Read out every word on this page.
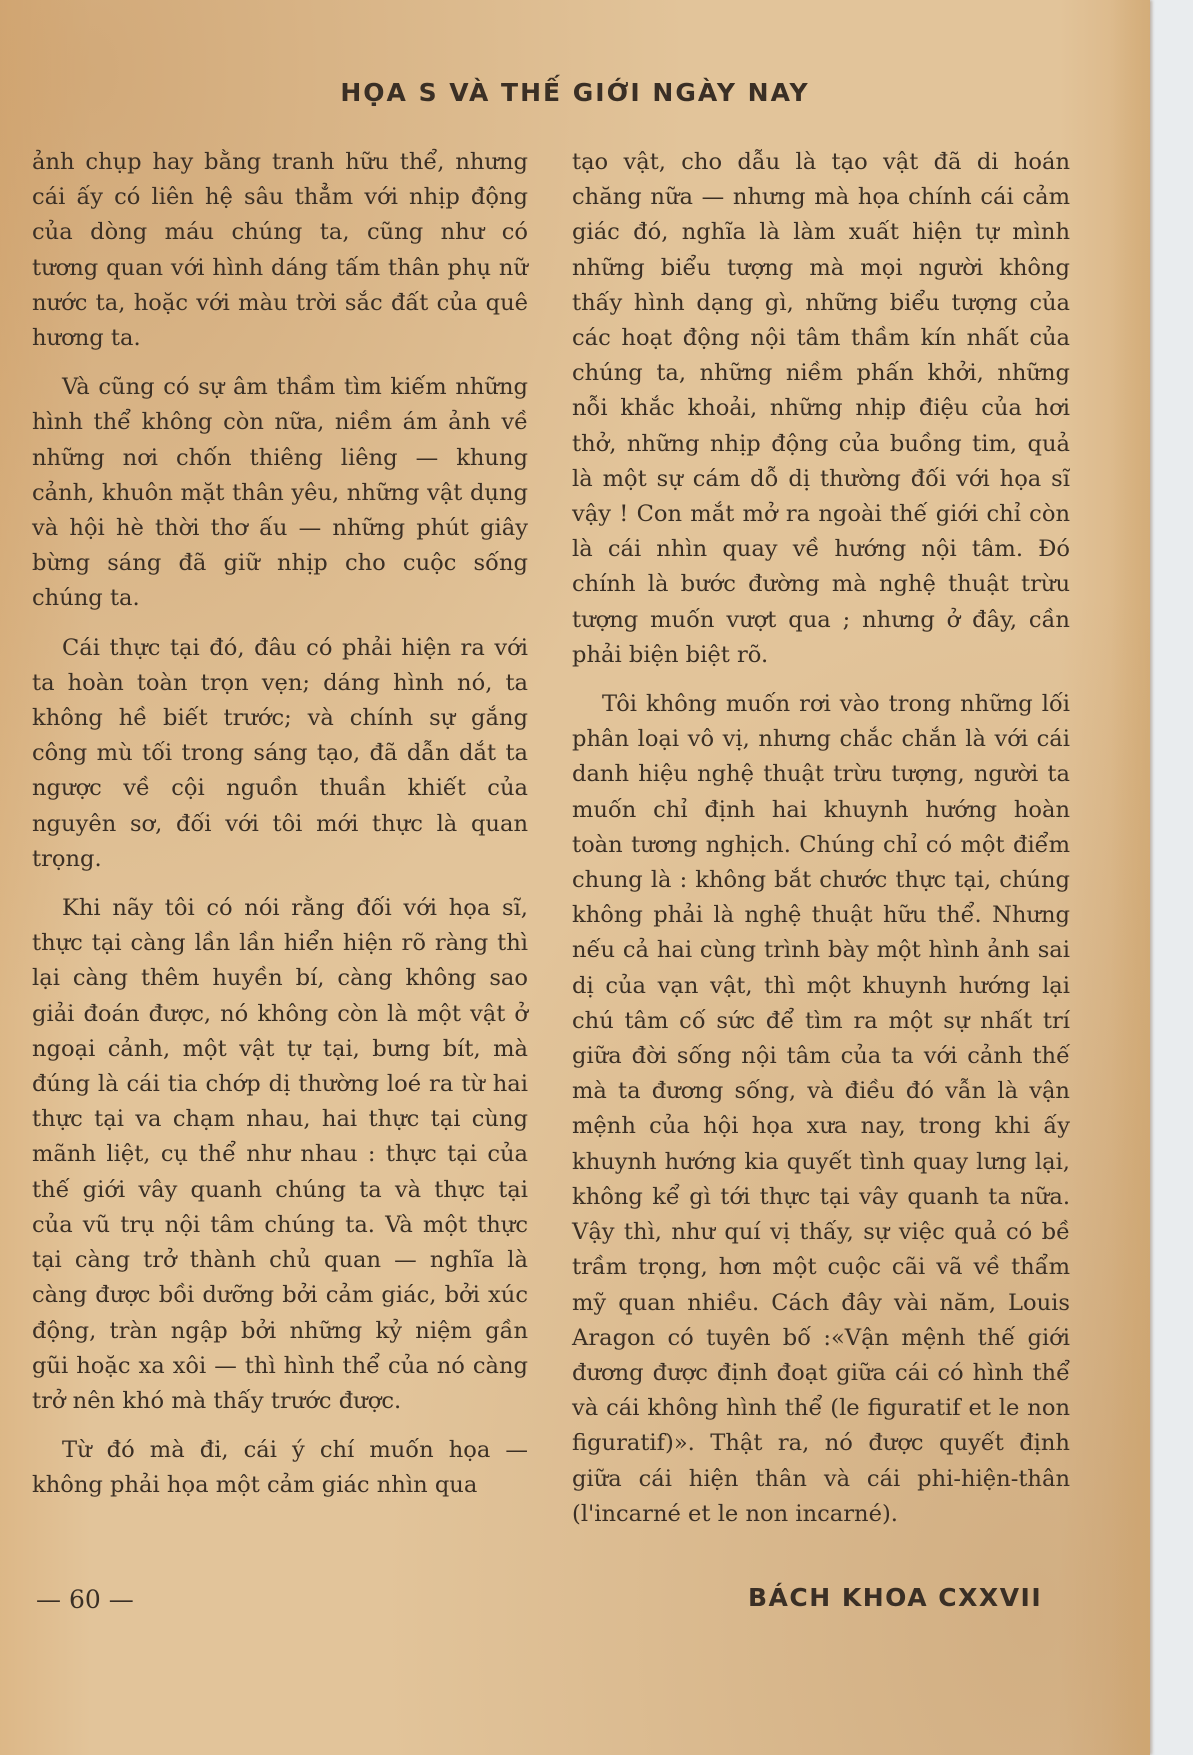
HỌA S VÀ THẾ GIỚI NGÀY NAY

ảnh chụp hay bằng tranh hữu thể, nhưng cái ấy có liên hệ sâu thẳm với nhịp động của dòng máu chúng ta, cũng như có tương quan với hình dáng tấm thân phụ nữ nước ta, hoặc với màu trời sắc đất của quê hương ta.

Và cũng có sự âm thầm tìm kiếm những hình thể không còn nữa, niềm ám ảnh về những nơi chốn thiêng liêng — khung cảnh, khuôn mặt thân yêu, những vật dụng và hội hè thời thơ ấu — những phút giây bừng sáng đã giữ nhịp cho cuộc sống chúng ta.

Cái thực tại đó, đâu có phải hiện ra với ta hoàn toàn trọn vẹn; dáng hình nó, ta không hề biết trước; và chính sự gắng công mù tối trong sáng tạo, đã dẫn dắt ta ngược về cội nguồn thuần khiết của nguyên sơ, đối với tôi mới thực là quan trọng.

Khi nãy tôi có nói rằng đối với họa sĩ, thực tại càng lần lần hiển hiện rõ ràng thì lại càng thêm huyền bí, càng không sao giải đoán được, nó không còn là một vật ở ngoại cảnh, một vật tự tại, bưng bít, mà đúng là cái tia chớp dị thường loé ra từ hai thực tại va chạm nhau, hai thực tại cùng mãnh liệt, cụ thể như nhau : thực tại của thế giới vây quanh chúng ta và thực tại của vũ trụ nội tâm chúng ta. Và một thực tại càng trở thành chủ quan — nghĩa là càng được bồi dưỡng bởi cảm giác, bởi xúc động, tràn ngập bởi những kỷ niệm gần gũi hoặc xa xôi — thì hình thể của nó càng trở nên khó mà thấy trước được.

Từ đó mà đi, cái ý chí muốn họa — không phải họa một cảm giác nhìn qua

tạo vật, cho dẫu là tạo vật đã di hoán chăng nữa — nhưng mà họa chính cái cảm giác đó, nghĩa là làm xuất hiện tự mình những biểu tượng mà mọi người không thấy hình dạng gì, những biểu tượng của các hoạt động nội tâm thầm kín nhất của chúng ta, những niềm phấn khởi, những nỗi khắc khoải, những nhịp điệu của hơi thở, những nhịp động của buồng tim, quả là một sự cám dỗ dị thường đối với họa sĩ vậy ! Con mắt mở ra ngoài thế giới chỉ còn là cái nhìn quay về hướng nội tâm. Đó chính là bước đường mà nghệ thuật trừu tượng muốn vượt qua ; nhưng ở đây, cần phải biện biệt rõ.

Tôi không muốn rơi vào trong những lối phân loại vô vị, nhưng chắc chắn là với cái danh hiệu nghệ thuật trừu tượng, người ta muốn chỉ định hai khuynh hướng hoàn toàn tương nghịch. Chúng chỉ có một điểm chung là : không bắt chước thực tại, chúng không phải là nghệ thuật hữu thể. Nhưng nếu cả hai cùng trình bày một hình ảnh sai dị của vạn vật, thì một khuynh hướng lại chú tâm cố sức để tìm ra một sự nhất trí giữa đời sống nội tâm của ta với cảnh thế mà ta đương sống, và điều đó vẫn là vận mệnh của hội họa xưa nay, trong khi ấy khuynh hướng kia quyết tình quay lưng lại, không kể gì tới thực tại vây quanh ta nữa. Vậy thì, như quí vị thấy, sự việc quả có bề trầm trọng, hơn một cuộc cãi vã về thẩm mỹ quan nhiều. Cách đây vài năm, Louis Aragon có tuyên bố :«Vận mệnh thế giới đương được định đoạt giữa cái có hình thể và cái không hình thể (le figuratif et le non figuratif)». Thật ra, nó được quyết định giữa cái hiện thân và cái phi-hiện-thân (l'incarné et le non incarné).

— 60 —	BÁCH KHOA CXXVII
